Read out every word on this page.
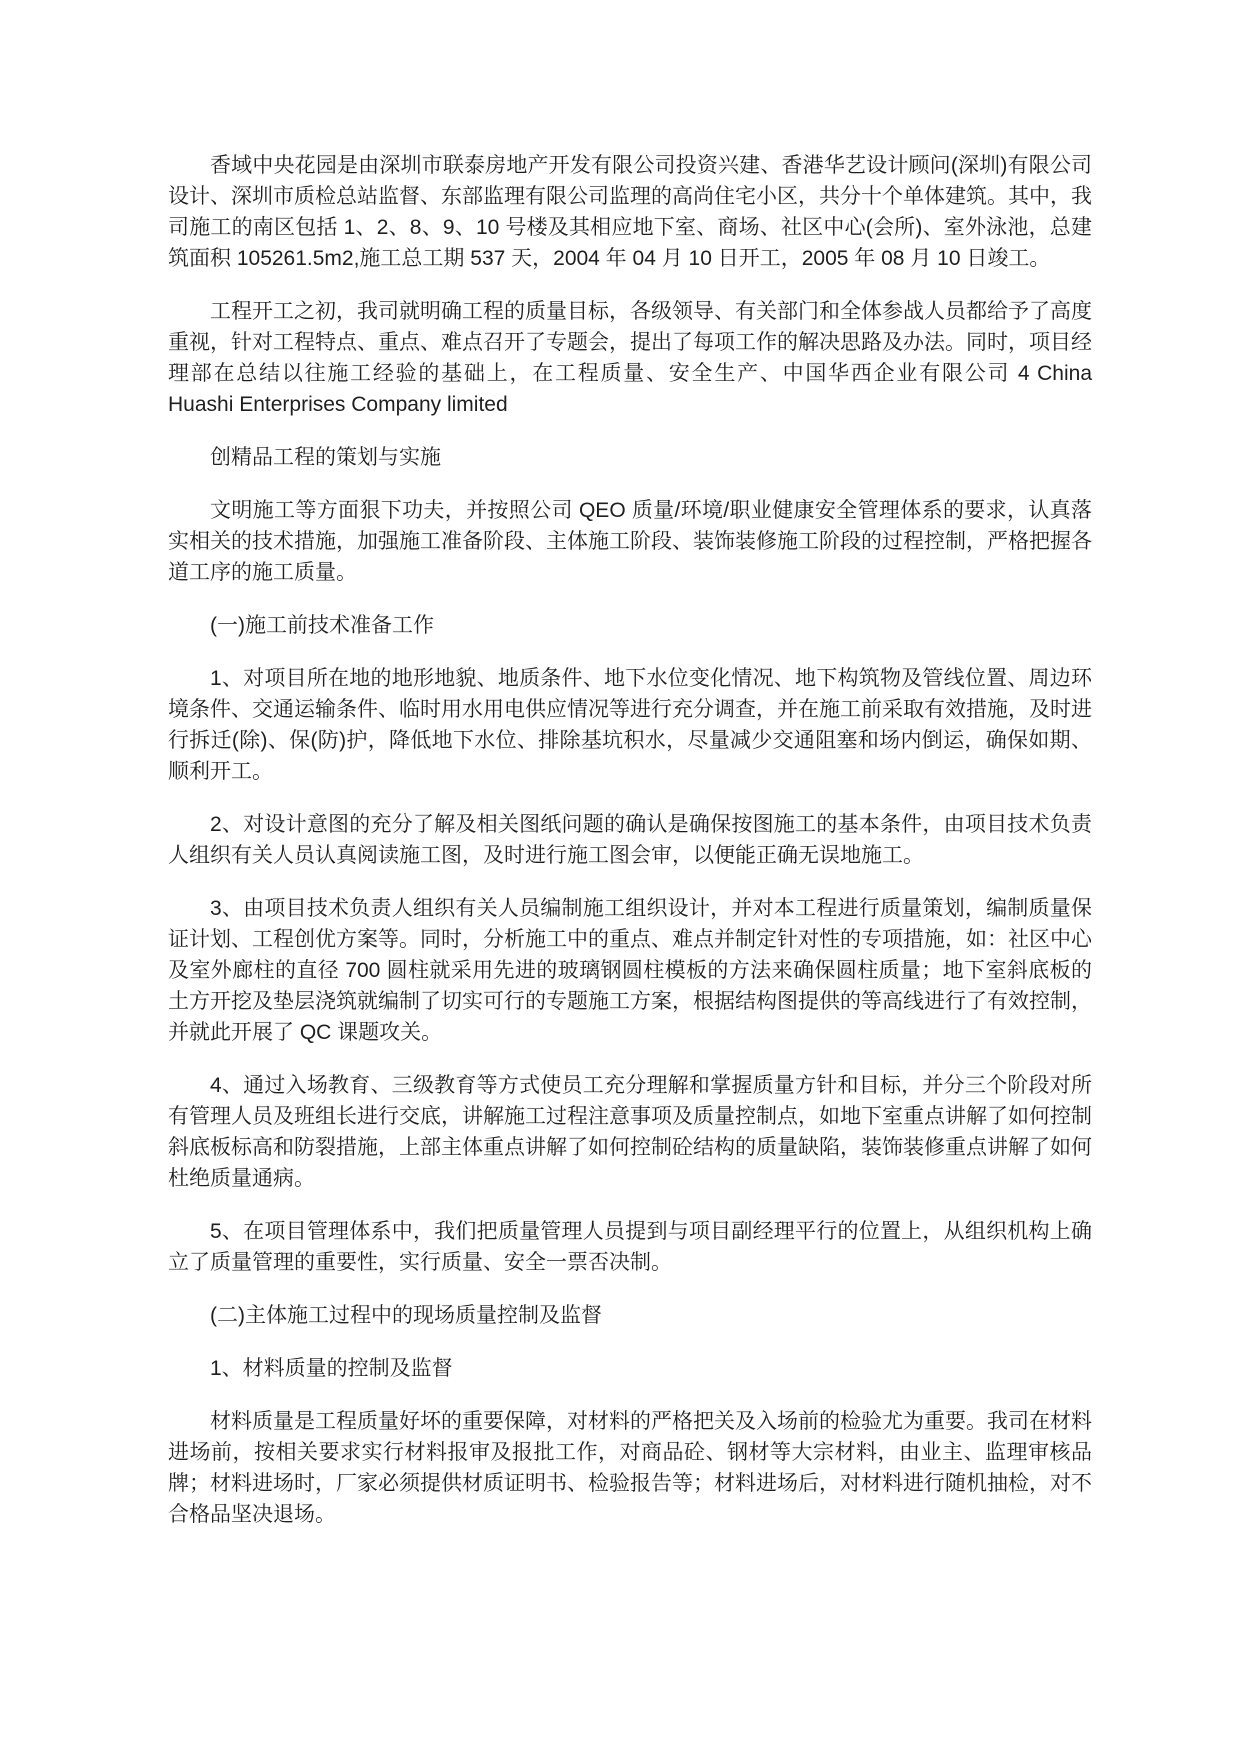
香域中央花园是由深圳市联泰房地产开发有限公司投资兴建、香港华艺设计顾问(深圳)有限公司设计、深圳市质检总站监督、东部监理有限公司监理的高尚住宅小区，共分十个单体建筑。其中，我司施工的南区包括 1、2、8、9、10 号楼及其相应地下室、商场、社区中心(会所)、室外泳池，总建筑面积 105261.5m2,施工总工期 537 天，2004 年 04 月 10 日开工，2005 年 08 月 10 日竣工。

工程开工之初，我司就明确工程的质量目标，各级领导、有关部门和全体参战人员都给予了高度重视，针对工程特点、重点、难点召开了专题会，提出了每项工作的解决思路及办法。同时，项目经理部在总结以往施工经验的基础上，在工程质量、安全生产、中国华西企业有限公司 4 China Huashi Enterprises Company limited

创精品工程的策划与实施

文明施工等方面狠下功夫，并按照公司 QEO 质量/环境/职业健康安全管理体系的要求，认真落实相关的技术措施，加强施工准备阶段、主体施工阶段、装饰装修施工阶段的过程控制，严格把握各道工序的施工质量。

(一)施工前技术准备工作

1、对项目所在地的地形地貌、地质条件、地下水位变化情况、地下构筑物及管线位置、周边环境条件、交通运输条件、临时用水用电供应情况等进行充分调查，并在施工前采取有效措施，及时进行拆迁(除)、保(防)护，降低地下水位、排除基坑积水，尽量减少交通阻塞和场内倒运，确保如期、顺利开工。

2、对设计意图的充分了解及相关图纸问题的确认是确保按图施工的基本条件，由项目技术负责人组织有关人员认真阅读施工图，及时进行施工图会审，以便能正确无误地施工。

3、由项目技术负责人组织有关人员编制施工组织设计，并对本工程进行质量策划，编制质量保证计划、工程创优方案等。同时，分析施工中的重点、难点并制定针对性的专项措施，如：社区中心及室外廊柱的直径 700 圆柱就采用先进的玻璃钢圆柱模板的方法来确保圆柱质量；地下室斜底板的土方开挖及垫层浇筑就编制了切实可行的专题施工方案，根据结构图提供的等高线进行了有效控制，并就此开展了 QC 课题攻关。

4、通过入场教育、三级教育等方式使员工充分理解和掌握质量方针和目标，并分三个阶段对所有管理人员及班组长进行交底，讲解施工过程注意事项及质量控制点，如地下室重点讲解了如何控制斜底板标高和防裂措施，上部主体重点讲解了如何控制砼结构的质量缺陷，装饰装修重点讲解了如何杜绝质量通病。

5、在项目管理体系中，我们把质量管理人员提到与项目副经理平行的位置上，从组织机构上确立了质量管理的重要性，实行质量、安全一票否决制。

(二)主体施工过程中的现场质量控制及监督

1、材料质量的控制及监督

材料质量是工程质量好坏的重要保障，对材料的严格把关及入场前的检验尤为重要。我司在材料进场前，按相关要求实行材料报审及报批工作，对商品砼、钢材等大宗材料，由业主、监理审核品牌；材料进场时，厂家必须提供材质证明书、检验报告等；材料进场后，对材料进行随机抽检，对不合格品坚决退场。
